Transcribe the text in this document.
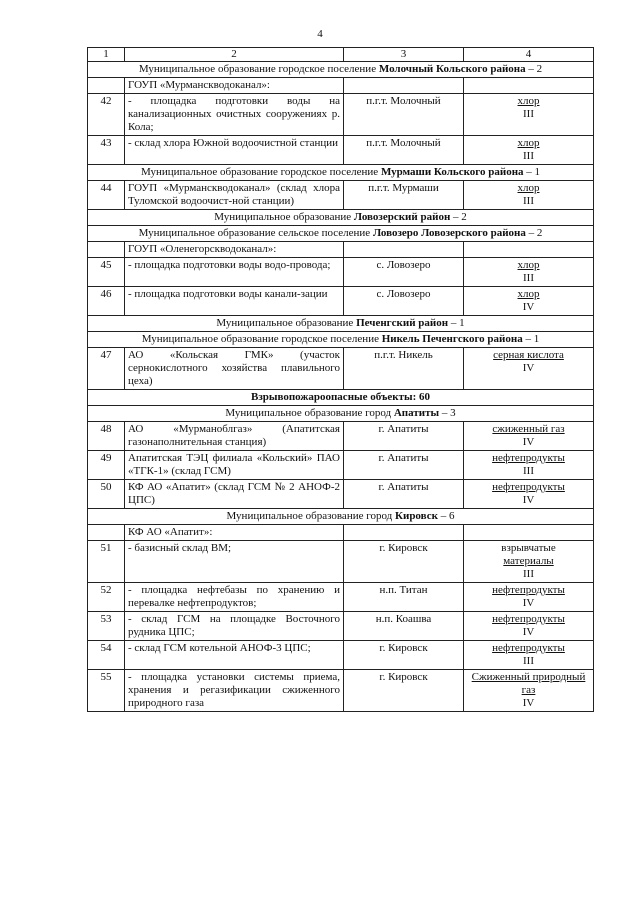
4
1	2	3	4
Муниципальное образование городское поселение Молочный Кольского района – 2			
	ГОУП «Мурманскводоканал»:		
42	- площадка подготовки воды на канализационных очистных сооружениях р. Кола;	п.г.т. Молочный	хлор
III

43	- склад хлора Южной водоочистной станции	п.г.т. Молочный	хлор
III

Муниципальное образование городское поселение Мурмаши Кольского района – 1			
44	ГОУП «Мурманскводоканал» (склад хлора Туломской водоочист-ной станции)	п.г.т. Мурмаши	хлор
III

Муниципальное образование Ловозерский район – 2			
Муниципальное образование сельское поселение Ловозеро Ловозерского района – 2			
	ГОУП «Оленегорскводоканал»:		
45	- площадка подготовки воды водо-провода;	с. Ловозеро	хлор
III

46	- площадка подготовки воды канали-зации	с. Ловозеро	хлор
IV

Муниципальное образование Печенгский район – 1			
Муниципальное образование городское поселение Никель Печенгского района – 1			
47	АО «Кольская ГМК» (участок сернокислотного хозяйства плавильного цеха)	п.г.т. Никель	серная кислота
IV

Взрывопожароопасные объекты: 60			
Муниципальное образование город Апатиты – 3			
48	АО «Мурманоблгаз» (Апатитская газонаполнительная станция)	г. Апатиты	сжиженный газ
IV

49	Апатитская ТЭЦ филиала «Кольский» ПАО «ТГК-1» (склад ГСМ)	г. Апатиты	нефтепродукты
III

50	КФ АО «Апатит» (склад ГСМ № 2 АНОФ-2 ЦПС)	г. Апатиты	нефтепродукты
IV

Муниципальное образование город Кировск – 6			
	КФ АО «Апатит»:		
51	- базисный склад ВМ;	г. Кировск	взрывчатые
материалы
III

52	- площадка нефтебазы по хранению и перевалке нефтепродуктов;	н.п. Титан	нефтепродукты
IV

53	- склад ГСМ на площадке Восточного рудника ЦПС;	н.п. Коашва	нефтепродукты
IV

54	- склад ГСМ котельной АНОФ-3 ЦПС;	г. Кировск	нефтепродукты
III

55	- площадка установки системы приема, хранения и регазификации сжиженного природного газа	г. Кировск	Сжиженный природный газ
IV
